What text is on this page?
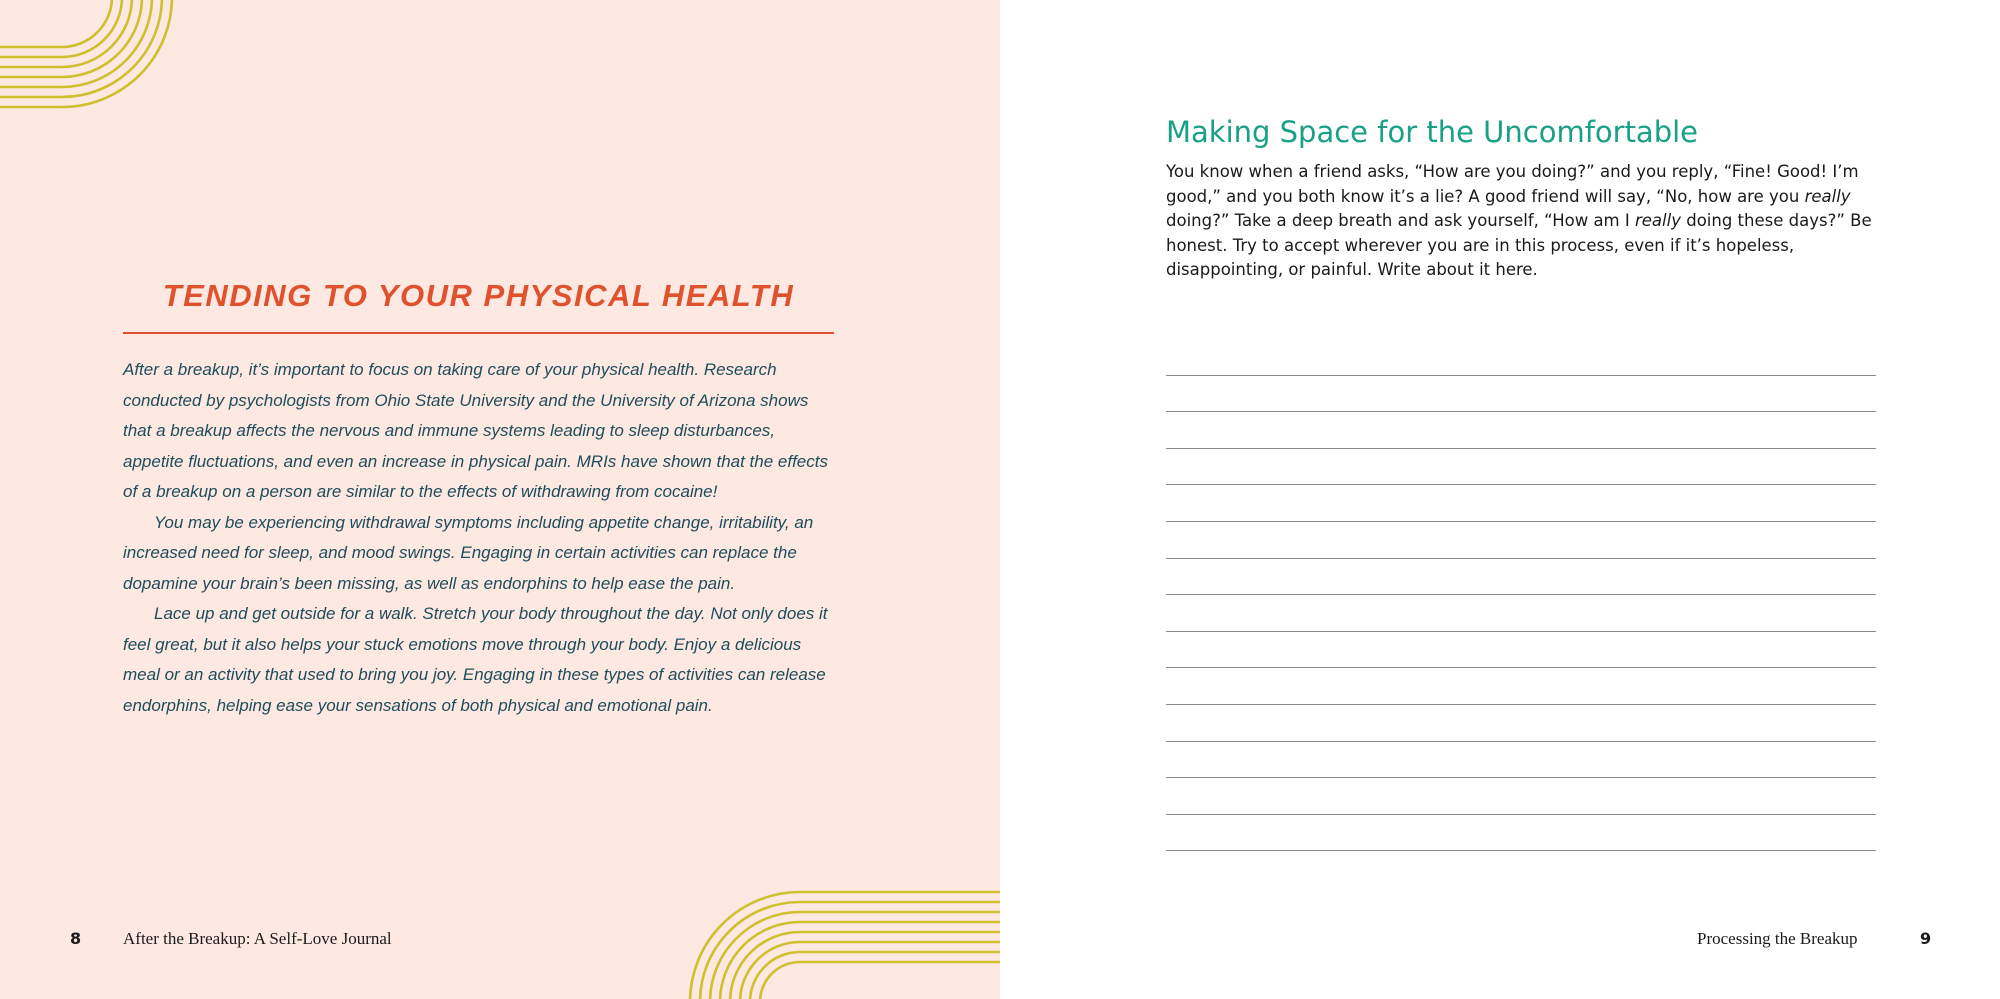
TENDING TO YOUR PHYSICAL HEALTH

After a breakup, it’s important to focus on taking care of your physical health. Research conducted by psychologists from Ohio State University and the University of Arizona shows that a breakup affects the nervous and immune systems leading to sleep disturbances, appetite fluctuations, and even an increase in physical pain. MRIs have shown that the effects of a breakup on a person are similar to the effects of withdrawing from cocaine!

You may be experiencing withdrawal symptoms including appetite change, irritability, an increased need for sleep, and mood swings. Engaging in certain activities can replace the dopamine your brain’s been missing, as well as endorphins to help ease the pain.

Lace up and get outside for a walk. Stretch your body throughout the day. Not only does it feel great, but it also helps your stuck emotions move through your body. Enjoy a delicious meal or an activity that used to bring you joy. Engaging in these types of activities can release endorphins, helping ease your sensations of both physical and emotional pain.

8 After the Breakup: A Self-Love Journal
Making Space for the Uncomfortable

You know when a friend asks, “How are you doing?” and you reply, “Fine! Good! I’m good,” and you both know it’s a lie? A good friend will say, “No, how are you really doing?” Take a deep breath and ask yourself, “How am I really doing these days?” Be honest. Try to accept wherever you are in this process, even if it’s hopeless, disappointing, or painful. Write about it here.

Processing the Breakup	9
